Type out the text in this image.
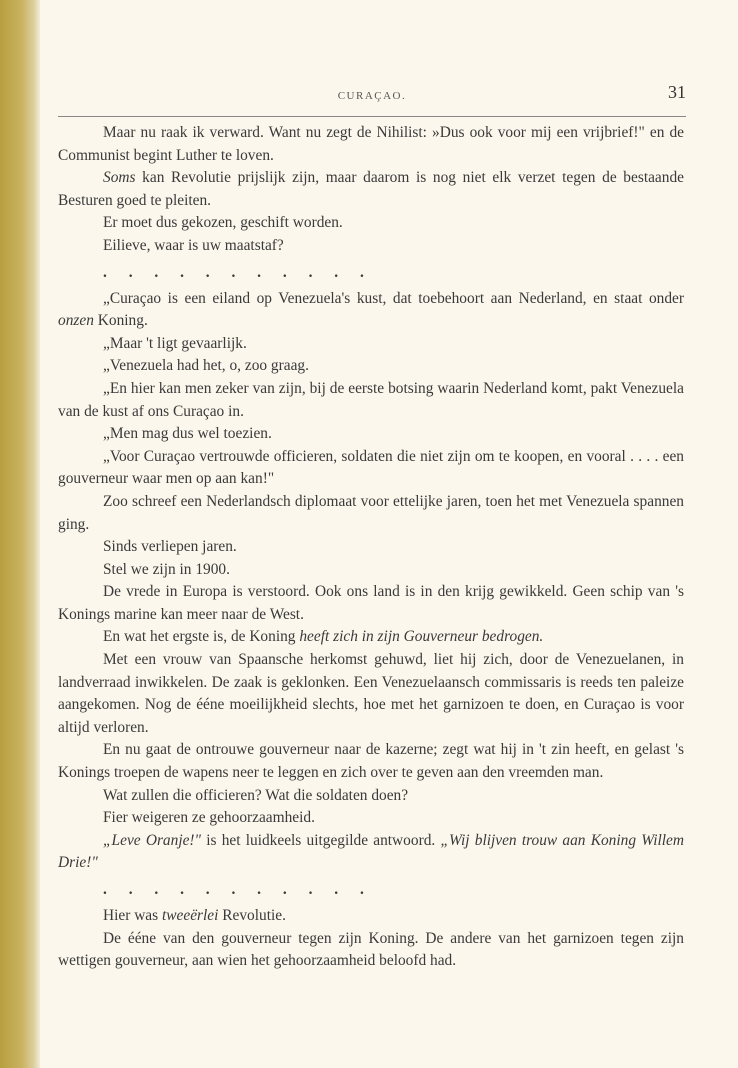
CURAÇAO.	31

Maar nu raak ik verward. Want nu zegt de Nihilist: »Dus ook voor mij een vrijbrief!" en de Communist begint Luther te loven.

Soms kan Revolutie prijslijk zijn, maar daarom is nog niet elk verzet tegen de bestaande Besturen goed te pleiten.

Er moet dus gekozen, geschift worden.

Eilieve, waar is uw maatstaf?

. . . . . . . . . . .

„Curaçao is een eiland op Venezuela's kust, dat toebehoort aan Nederland, en staat onder onzen Koning.

„Maar 't ligt gevaarlijk.

„Venezuela had het, o, zoo graag.

„En hier kan men zeker van zijn, bij de eerste botsing waarin Nederland komt, pakt Venezuela van de kust af ons Curaçao in.

„Men mag dus wel toezien.

„Voor Curaçao vertrouwde officieren, soldaten die niet zijn om te koopen, en vooral . . . . een gouverneur waar men op aan kan!"

Zoo schreef een Nederlandsch diplomaat voor ettelijke jaren, toen het met Venezuela spannen ging.

Sinds verliepen jaren.

Stel we zijn in 1900.

De vrede in Europa is verstoord. Ook ons land is in den krijg gewikkeld. Geen schip van 's Konings marine kan meer naar de West.

En wat het ergste is, de Koning heeft zich in zijn Gouverneur bedrogen.

Met een vrouw van Spaansche herkomst gehuwd, liet hij zich, door de Venezuelanen, in landverraad inwikkelen. De zaak is geklonken. Een Venezuelaansch commissaris is reeds ten paleize aangekomen. Nog de ééne moeilijkheid slechts, hoe met het garnizoen te doen, en Curaçao is voor altijd verloren.

En nu gaat de ontrouwe gouverneur naar de kazerne; zegt wat hij in 't zin heeft, en gelast 's Konings troepen de wapens neer te leggen en zich over te geven aan den vreemden man.

Wat zullen die officieren? Wat die soldaten doen?

Fier weigeren ze gehoorzaamheid.

„Leve Oranje!" is het luidkeels uitgegilde antwoord. „Wij blijven trouw aan Koning Willem Drie!"

. . . . . . . . . . .

Hier was tweeërlei Revolutie.

De ééne van den gouverneur tegen zijn Koning. De andere van het garnizoen tegen zijn wettigen gouverneur, aan wien het gehoorzaamheid beloofd had.
